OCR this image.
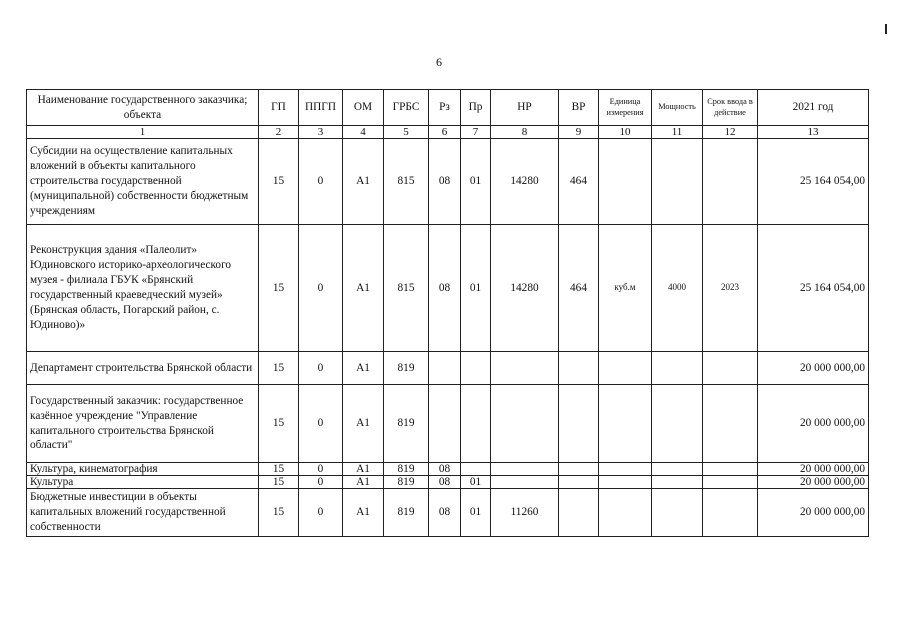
6
Наименование государственного заказчика; объекта	ГП	ППГП	ОМ	ГРБС	Рз	Пр	НР	ВР	Единица измерения	Мощность	Срок ввода в действие	2021 год
1	2	3	4	5	6	7	8	9	10	11	12	13
Субсидии на осуществление капитальных вложений в объекты капитального строительства государственной (муниципальной) собственности бюджетным учреждениям	15	0	А1	815	08	01	14280	464				25 164 054,00
Реконструкция здания «Палеолит» Юдиновского историко-археологического музея - филиала ГБУК «Брянский государственный краеведческий музей» (Брянская область, Погарский район, с. Юдиново)»	15	0	А1	815	08	01	14280	464	куб.м	4000	2023	25 164 054,00
Департамент строительства Брянской области	15	0	А1	819								20 000 000,00
Государственный заказчик: государственное казённое учреждение "Управление капитального строительства Брянской области"	15	0	А1	819								20 000 000,00
Культура, кинематография	15	0	А1	819	08							20 000 000,00
Культура	15	0	А1	819	08	01						20 000 000,00
Бюджетные инвестиции в объекты капитальных вложений государственной собственности	15	0	А1	819	08	01	11260					20 000 000,00
